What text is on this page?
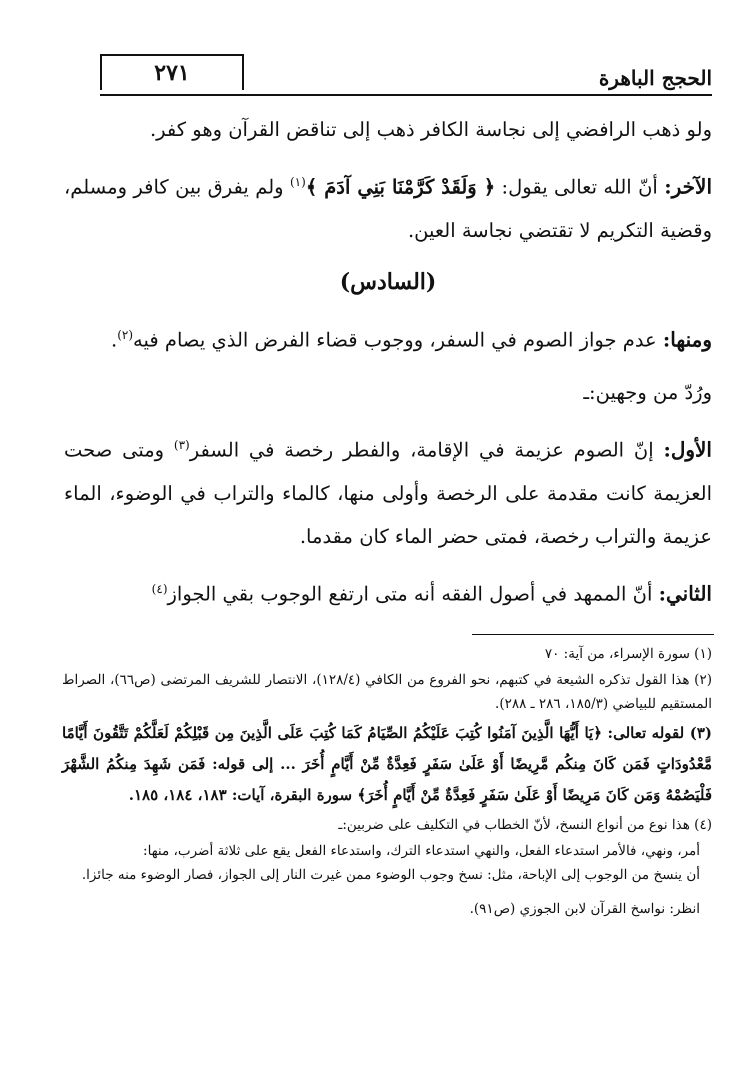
٢٧١	الحجج الباهرة

ولو ذهب الرافضي إلى نجاسة الكافر ذهب إلى تناقض القرآن وهو كفر.

الآخر: أنّ الله تعالى يقول: ﴿ وَلَقَدْ كَرَّمْنَا بَنِي آدَمَ ﴾$^{(١)}$ ولم يفرق بين كافر ومسلم، وقضية التكريم لا تقتضي نجاسة العين.

(السادس)

ومنها: عدم جواز الصوم في السفر، ووجوب قضاء الفرض الذي يصام فيه$^{(٢)}$.

ورُدّ من وجهين:ـ

الأول: إنّ الصوم عزيمة في الإقامة، والفطر رخصة في السفر$^{(٣)}$ ومتى صحت العزيمة كانت مقدمة على الرخصة وأولى منها، كالماء والتراب في الوضوء، الماء عزيمة والتراب رخصة، فمتى حضر الماء كان مقدما.

الثاني: أنّ الممهد في أصول الفقه أنه متى ارتفع الوجوب بقي الجواز$^{(٤)}$

(١) سورة الإسراء، من آية: ٧٠
(٢) هذا القول تذكره الشيعة في كتبهم، نحو الفروع من الكافي (١٢٨/٤)، الانتصار للشريف المرتضى (ص٦٦)، الصراط المستقيم للبياضي (١٨٥/٣، ٢٨٦ ـ ٢٨٨).
(٣) لقوله تعالى: ﴿يَا أَيُّهَا الَّذِينَ آمَنُوا كُتِبَ عَلَيْكُمُ الصِّيَامُ كَمَا كُتِبَ عَلَى الَّذِينَ مِن قَبْلِكُمْ لَعَلَّكُمْ تَتَّقُونَ أَيَّامًا مَّعْدُودَاتٍ فَمَن كَانَ مِنكُم مَّرِيضًا أَوْ عَلَىٰ سَفَرٍ فَعِدَّةٌ مِّنْ أَيَّامٍ أُخَرَ ... إلى قوله: فَمَن شَهِدَ مِنكُمُ الشَّهْرَ فَلْيَصُمْهُ وَمَن كَانَ مَرِيضًا أَوْ عَلَىٰ سَفَرٍ فَعِدَّةٌ مِّنْ أَيَّامٍ أُخَرَ﴾ سورة البقرة، آيات: ١٨٣، ١٨٤، ١٨٥.
(٤) هذا نوع من أنواع النسخ، لأنّ الخطاب في التكليف على ضربين:ـ
أمر، ونهي، فالأمر استدعاء الفعل، والنهي استدعاء الترك، واستدعاء الفعل يقع على ثلاثة أضرب، منها:
أن ينسخ من الوجوب إلى الإباحة، مثل: نسخ وجوب الوضوء ممن غيرت النار إلى الجواز، فصار الوضوء منه جائزا.
انظر: نواسخ القرآن لابن الجوزي (ص٩١).
